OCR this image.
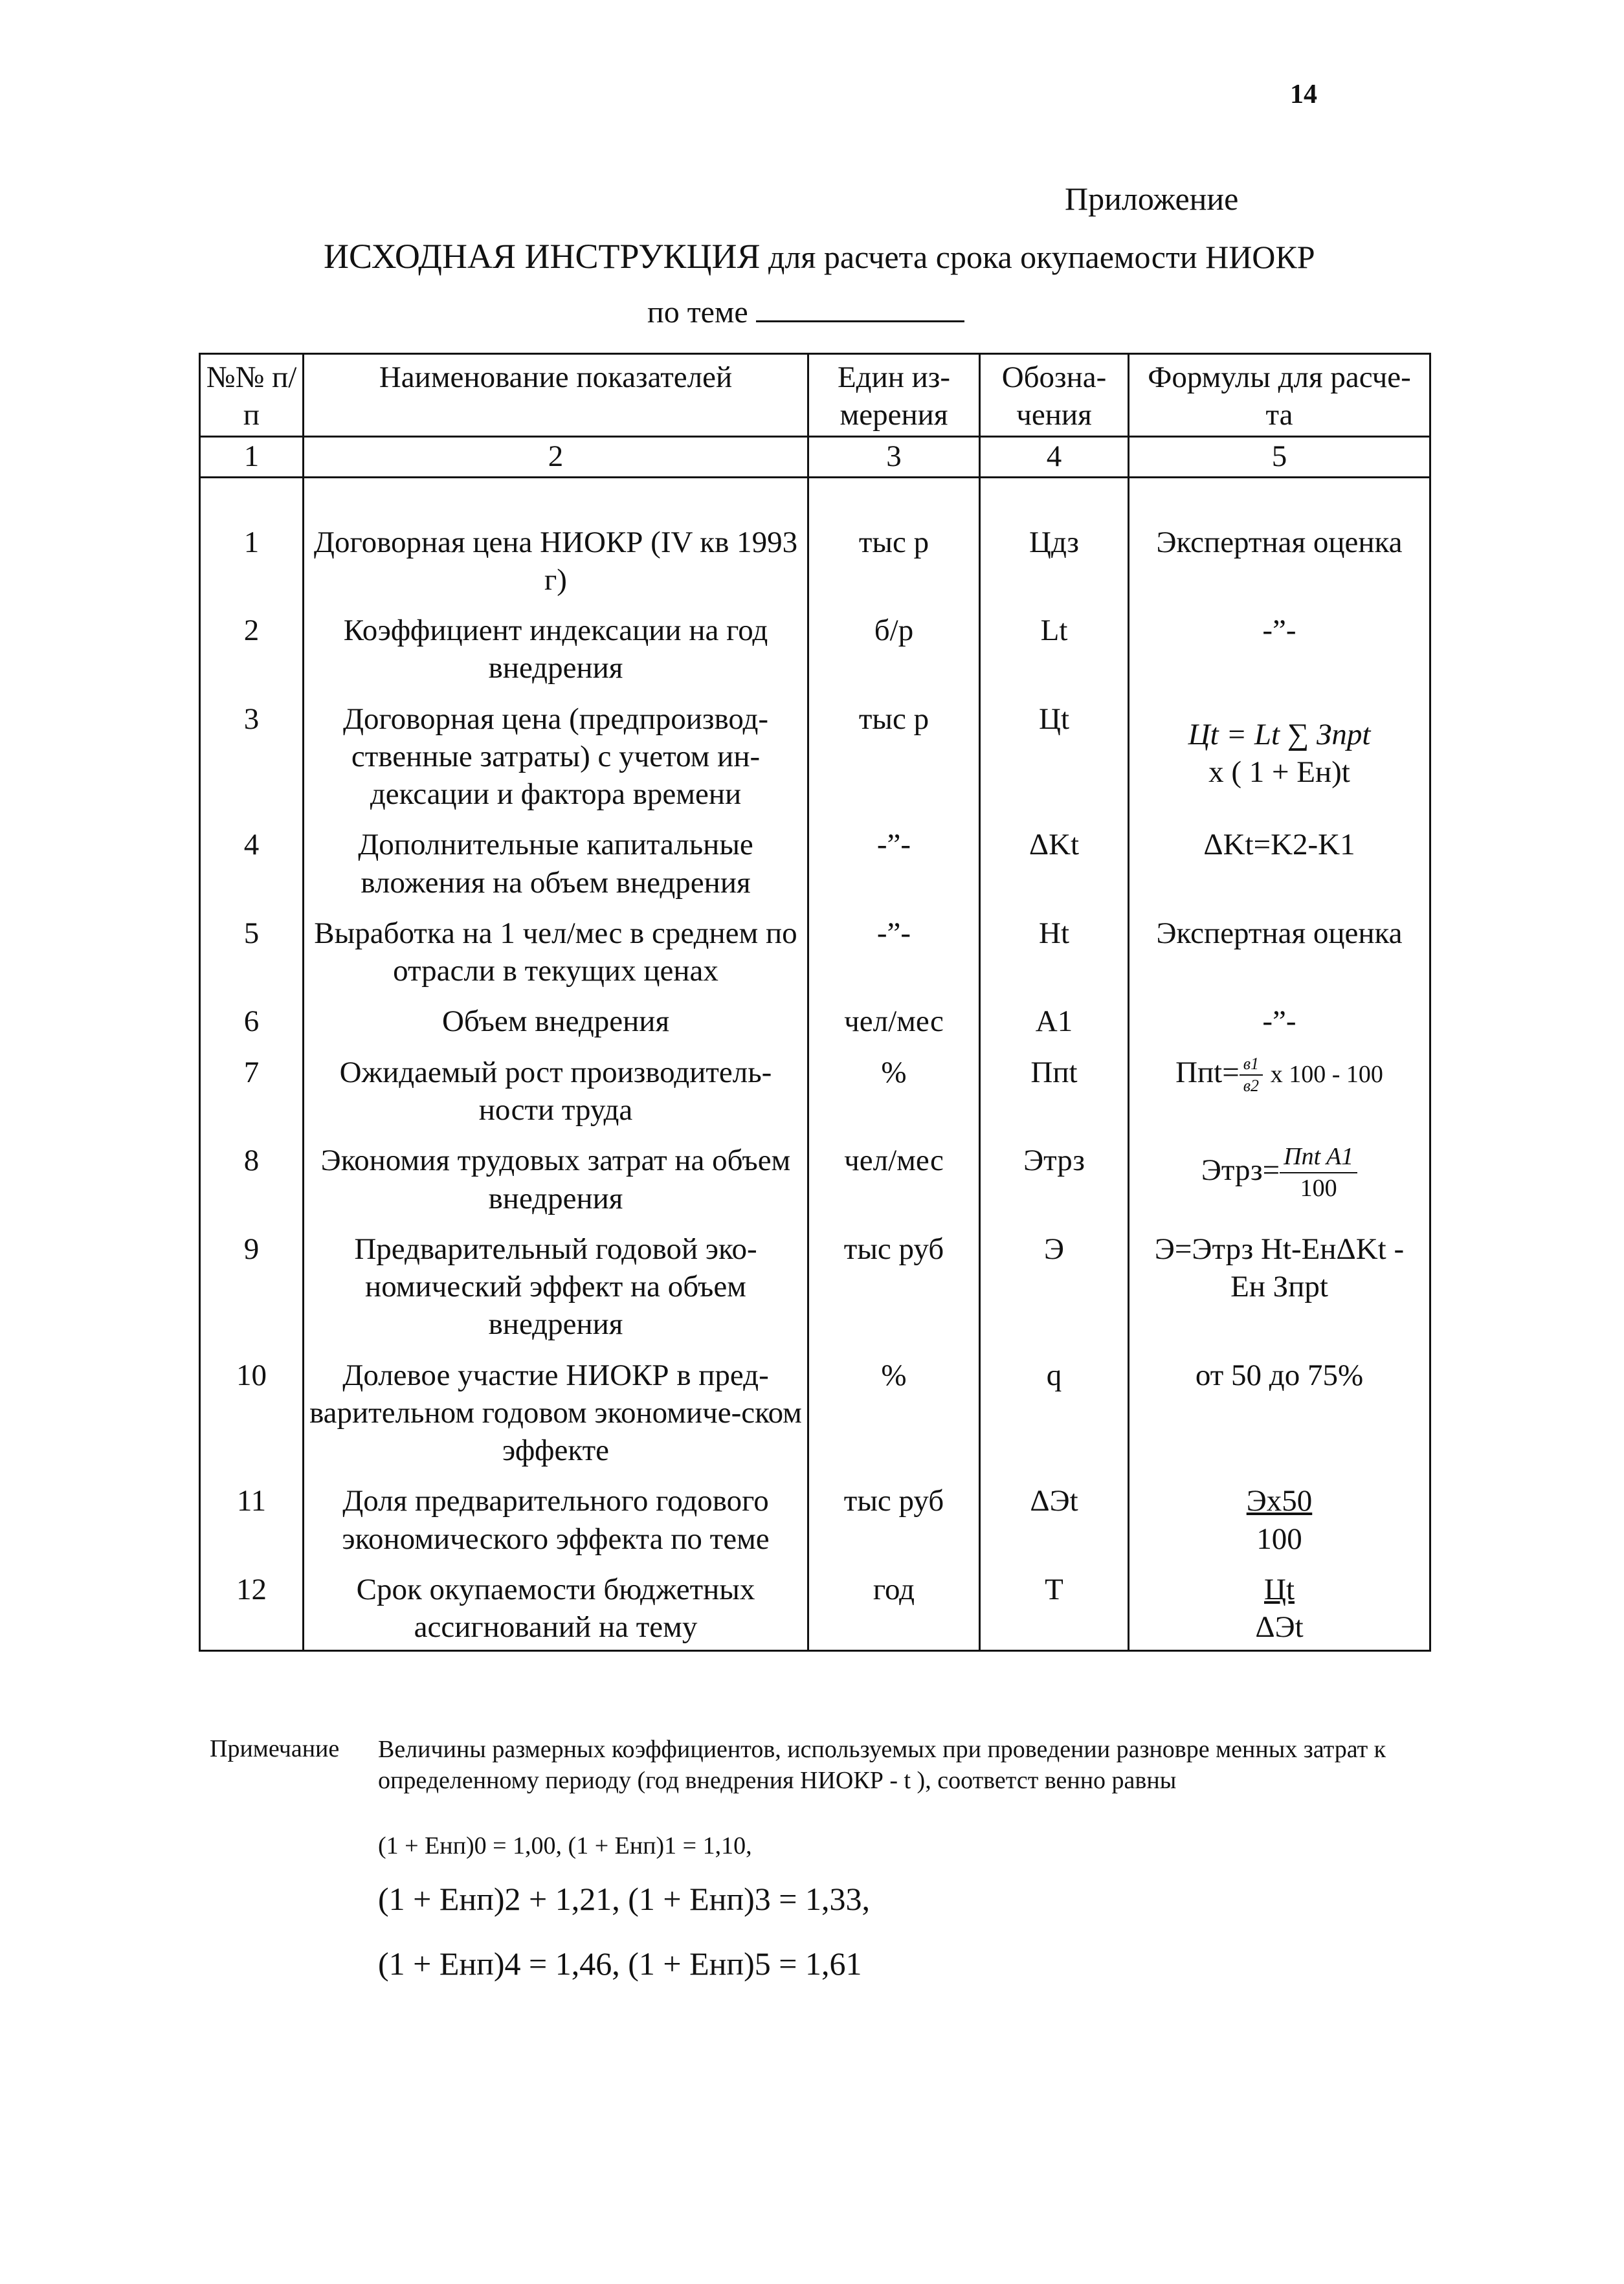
14
Приложение
ИСХОДНАЯ ИНСТРУКЦИЯ для расчета срока окупаемости НИОКР
по теме
№№ п/п	Наименование показателей	Един из-мерения	Обозна-чения	Формулы для расче-та
1	2	3	4	5
1	Договорная цена НИОКР (IV кв 1993 г)	тыс р	Цдз	Экспертная оценка
2	Коэффициент индексации на год внедрения	б/р	Lt	-”-
3	Договорная цена (предпроизвод-ственные затраты) с учетом ин-дексации и фактора времени	тыс р	Цt	Цt = Lt ∑ Зnpt
x ( 1 + Ен)t

4	Дополнительные капитальные вложения на объем внедрения	-”-	ΔKt	ΔKt=K2-K1
5	Выработка на 1 чел/мес в среднем по отрасли в текущих ценах	-”-	Ht	Экспертная оценка
6	Объем внедрения	чел/мес	A1	-”-
7	Ожидаемый рост производитель-ности труда	%	Ппt	$Ппt= \frac{в1}{в2}$ x 100 - 100
8	Экономия трудовых затрат на объем внедрения	чел/мес	Этрз	Этрз= $\frac{\text{Ппt A1}}{100}$

9	Предварительный годовой эко-номический эффект на объем внедрения	тыс руб	Э	Э=Этрз Ht-ЕнΔKt - Ен Зпрt
10	Долевое участие НИОКР в пред-варительном годовом экономиче-ском эффекте	%	q	от 50 до 75%
11	Доля предварительного годового экономического эффекта по теме	тыс руб	ΔЭt	Эх50
100

12	Срок окупаемости бюджетных ассигнований на тему	год	T	Цt
ΔЭt
Примечание Величины размерных коэффициентов, используемых при проведении разновре менных затрат к определенному периоду (год внедрения НИОКР - t ), соответст венно равны
(1 + Енп)0 = 1,00, (1 + Енп)1 = 1,10,
(1 + Енп)2 + 1,21, (1 + Енп)3 = 1,33,
(1 + Енп)4 = 1,46, (1 + Енп)5 = 1,61
